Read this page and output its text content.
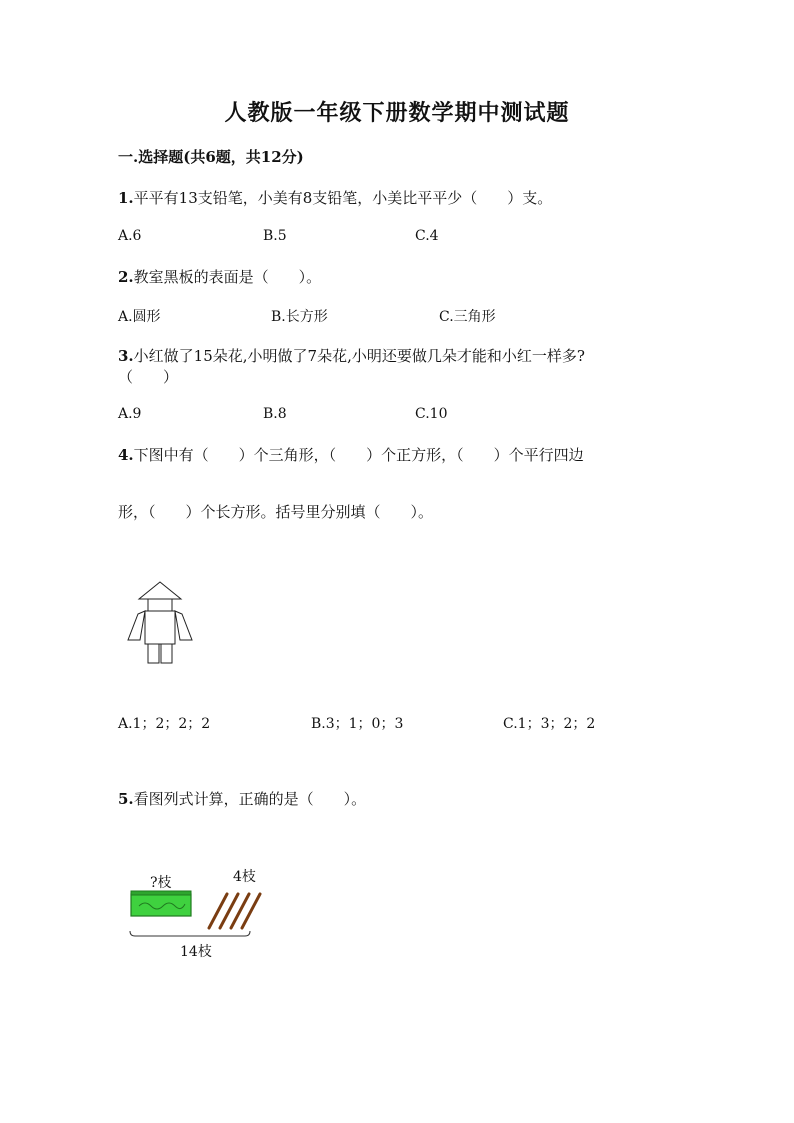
人教版一年级下册数学期中测试题
一.选择题(共6题，共12分)
1.平平有13支铅笔，小美有8支铅笔，小美比平平少（　　）支。
A.6	B.5	C.4
2.教室黑板的表面是（　　）。
A.圆形	B.长方形	C.三角形
3.小红做了15朵花,小明做了7朵花,小明还要做几朵才能和小红一样多?
（　　）
A.9	B.8	C.10
4.下图中有（　　）个三角形，（　　）个正方形，（　　）个平行四边
形，（　　）个长方形。括号里分别填（　　）。
A.1；2；2；2	B.3；1；0；3	C.1；3；2；2
5.看图列式计算，正确的是（　　）。
?枝	4枝
14枝
